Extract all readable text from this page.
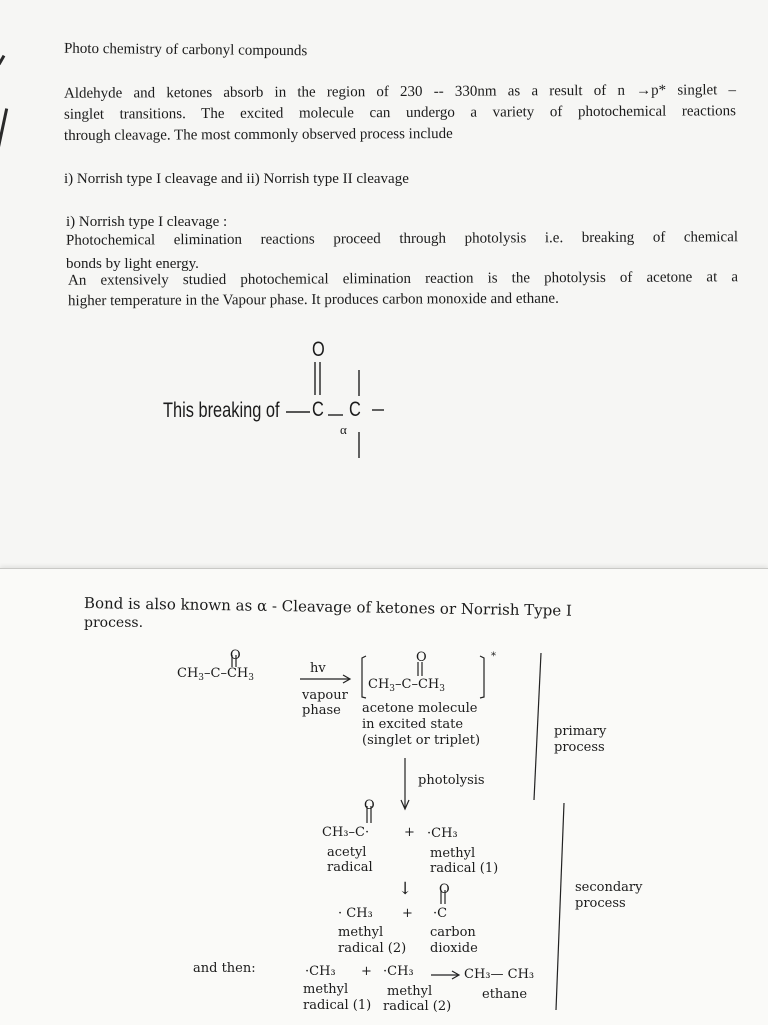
Photo chemistry of carbonyl compounds
Aldehyde and ketones absorb in the region of 230 -- 330nm as a result of n →p* singlet –
singlet transitions. The excited molecule can undergo a variety of photochemical reactions
through cleavage. The most commonly observed process include
i) Norrish type I cleavage and ii) Norrish type II cleavage
i) Norrish type I cleavage :
Photochemical elimination reactions proceed through photolysis i.e. breaking of chemical
bonds by light energy.
An extensively studied photochemical elimination reaction is the photolysis of acetone at a
higher temperature in the Vapour phase. It produces carbon monoxide and ethane.
This breaking of
O
C C
α
Bond is also known as α - Cleavage of ketones or Norrish Type I
process.
O
$CH_3-C-CH_3$
hv
vapour
phase
O
$CH_3-C-CH_3$
*
acetone molecule
in excited state
(singlet or triplet)
primary
process
photolysis
O
CH₃–C·	+ ·CH₃
acetyl
radical
methyl
radical (1)
secondary
process
↓ O
· CH₃ + ·C
methyl
radical (2)
carbon
dioxide
and then:	·CH₃ + ·CH₃	CH₃— CH₃
methyl
radical (1)
methyl
radical (2)
ethane
